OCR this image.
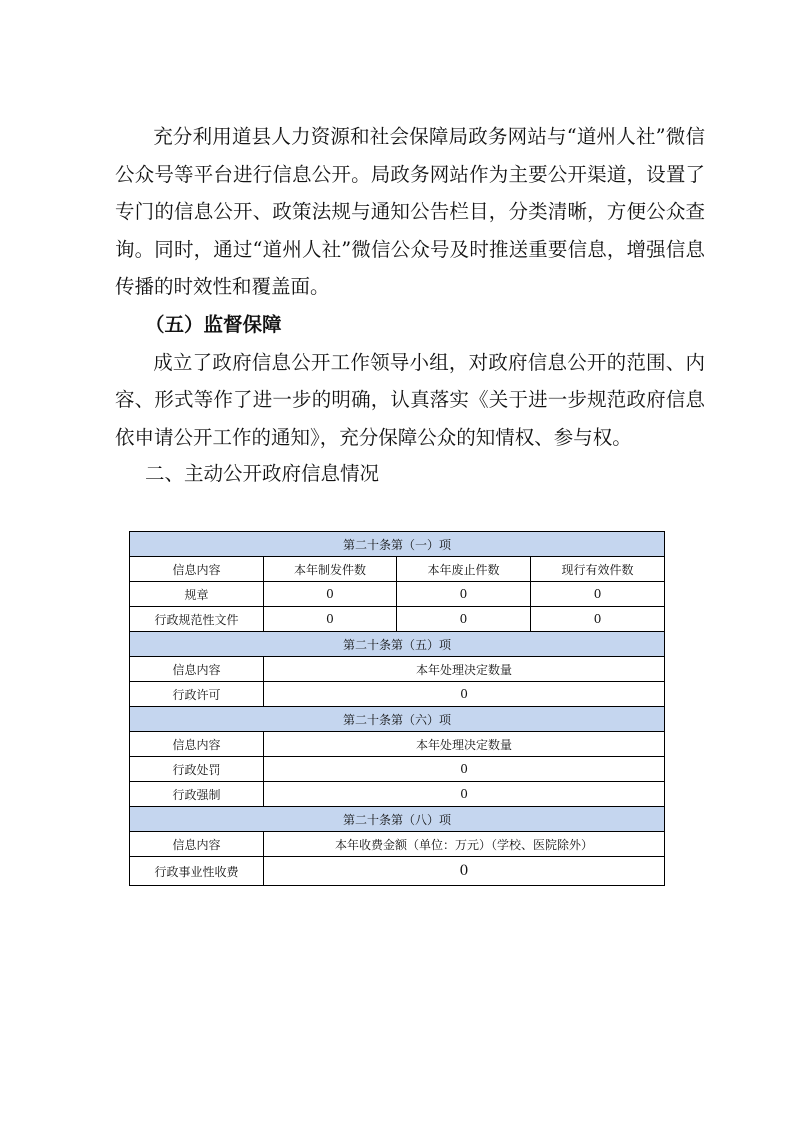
充分利用道县人力资源和社会保障局政务网站与“道州人社”微信公众号等平台进行信息公开。局政务网站作为主要公开渠道，设置了专门的信息公开、政策法规与通知公告栏目，分类清晰，方便公众查询。同时，通过“道州人社”微信公众号及时推送重要信息，增强信息传播的时效性和覆盖面。

（五）监督保障

成立了政府信息公开工作领导小组，对政府信息公开的范围、内容、形式等作了进一步的明确，认真落实《关于进一步规范政府信息依申请公开工作的通知》，充分保障公众的知情权、参与权。

二、主动公开政府信息情况

第二十条第（一）项			
信息内容	本年制发件数	本年废止件数	现行有效件数
规章	0	0	0
行政规范性文件	0	0	0
第二十条第（五）项			
信息内容	本年处理决定数量		
行政许可	0		
第二十条第（六）项			
信息内容	本年处理决定数量		
行政处罚	0		
行政强制	0		
第二十条第（八）项			
信息内容	本年收费金额（单位：万元）（学校、医院除外）		
行政事业性收费	0		
